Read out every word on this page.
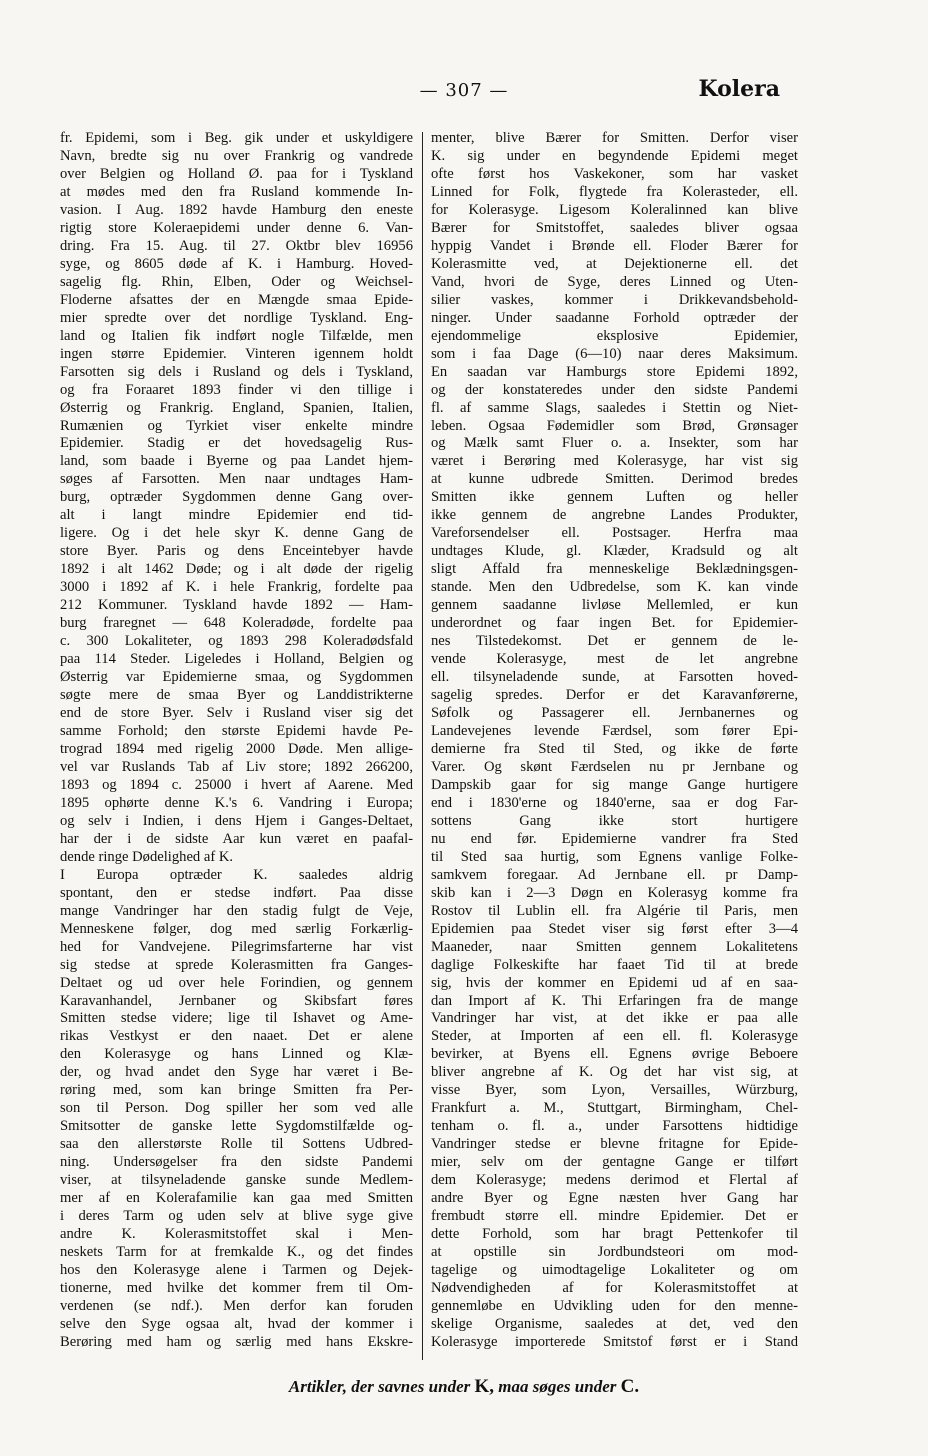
— 307 —	Kolera
fr. Epidemi, som i Beg. gik under et uskyldigere
Navn, bredte sig nu over Frankrig og vandrede
over Belgien og Holland Ø. paa for i Tyskland
at mødes med den fra Rusland kommende In-
vasion. I Aug. 1892 havde Hamburg den eneste
rigtig store Koleraepidemi under denne 6. Van-
dring. Fra 15. Aug. til 27. Oktbr blev 16956
syge, og 8605 døde af K. i Hamburg. Hoved-
sagelig flg. Rhin, Elben, Oder og Weichsel-
Floderne afsattes der en Mængde smaa Epide-
mier spredte over det nordlige Tyskland. Eng-
land og Italien fik indført nogle Tilfælde, men
ingen større Epidemier. Vinteren igennem holdt
Farsotten sig dels i Rusland og dels i Tyskland,
og fra Foraaret 1893 finder vi den tillige i
Østerrig og Frankrig. England, Spanien, Italien,
Rumænien og Tyrkiet viser enkelte mindre
Epidemier. Stadig er det hovedsagelig Rus-
land, som baade i Byerne og paa Landet hjem-
søges af Farsotten. Men naar undtages Ham-
burg, optræder Sygdommen denne Gang over-
alt i langt mindre Epidemier end tid-
ligere. Og i det hele skyr K. denne Gang de
store Byer. Paris og dens Enceintebyer havde
1892 i alt 1462 Døde; og i alt døde der rigelig
3000 i 1892 af K. i hele Frankrig, fordelte paa
212 Kommuner. Tyskland havde 1892 — Ham-
burg fraregnet — 648 Koleradøde, fordelte paa
c. 300 Lokaliteter, og 1893 298 Koleradødsfald
paa 114 Steder. Ligeledes i Holland, Belgien og
Østerrig var Epidemierne smaa, og Sygdommen
søgte mere de smaa Byer og Landdistrikterne
end de store Byer. Selv i Rusland viser sig det
samme Forhold; den største Epidemi havde Pe-
trograd 1894 med rigelig 2000 Døde. Men allige-
vel var Ruslands Tab af Liv store; 1892 266200,
1893 og 1894 c. 25000 i hvert af Aarene. Med
1895 ophørte denne K.'s 6. Vandring i Europa;
og selv i Indien, i dens Hjem i Ganges-Deltaet,
har der i de sidste Aar kun været en paafal-
dende ringe Dødelighed af K.
I Europa optræder K. saaledes aldrig
spontant, den er stedse indført. Paa disse
mange Vandringer har den stadig fulgt de Veje,
Menneskene følger, dog med særlig Forkærlig-
hed for Vandvejene. Pilegrimsfarterne har vist
sig stedse at sprede Kolerasmitten fra Ganges-
Deltaet og ud over hele Forindien, og gennem
Karavanhandel, Jernbaner og Skibsfart føres
Smitten stedse videre; lige til Ishavet og Ame-
rikas Vestkyst er den naaet. Det er alene
den Kolerasyge og hans Linned og Klæ-
der, og hvad andet den Syge har været i Be-
røring med, som kan bringe Smitten fra Per-
son til Person. Dog spiller her som ved alle
Smitsotter de ganske lette Sygdomstilfælde og-
saa den allerstørste Rolle til Sottens Udbred-
ning. Undersøgelser fra den sidste Pandemi
viser, at tilsyneladende ganske sunde Medlem-
mer af en Kolerafamilie kan gaa med Smitten
i deres Tarm og uden selv at blive syge give
andre K. Kolerasmitstoffet skal i Men-
neskets Tarm for at fremkalde K., og det findes
hos den Kolerasyge alene i Tarmen og Dejek-
tionerne, med hvilke det kommer frem til Om-
verdenen (se ndf.). Men derfor kan foruden
selve den Syge ogsaa alt, hvad der kommer i
Berøring med ham og særlig med hans Ekskre-
menter, blive Bærer for Smitten. Derfor viser
K. sig under en begyndende Epidemi meget
ofte først hos Vaskekoner, som har vasket
Linned for Folk, flygtede fra Kolerasteder, ell.
for Kolerasyge. Ligesom Koleralinned kan blive
Bærer for Smitstoffet, saaledes bliver ogsaa
hyppig Vandet i Brønde ell. Floder Bærer for
Kolerasmitte ved, at Dejektionerne ell. det
Vand, hvori de Syge, deres Linned og Uten-
silier vaskes, kommer i Drikkevandsbehold-
ninger. Under saadanne Forhold optræder der
ejendommelige eksplosive Epidemier,
som i faa Dage (6—10) naar deres Maksimum.
En saadan var Hamburgs store Epidemi 1892,
og der konstateredes under den sidste Pandemi
fl. af samme Slags, saaledes i Stettin og Niet-
leben. Ogsaa Fødemidler som Brød, Grønsager
og Mælk samt Fluer o. a. Insekter, som har
været i Berøring med Kolerasyge, har vist sig
at kunne udbrede Smitten. Derimod bredes
Smitten ikke gennem Luften og heller
ikke gennem de angrebne Landes Produkter,
Vareforsendelser ell. Postsager. Herfra maa
undtages Klude, gl. Klæder, Kradsuld og alt
sligt Affald fra menneskelige Beklædningsgen-
stande. Men den Udbredelse, som K. kan vinde
gennem saadanne livløse Mellemled, er kun
underordnet og faar ingen Bet. for Epidemier-
nes Tilstedekomst. Det er gennem de le-
vende Kolerasyge, mest de let angrebne
ell. tilsyneladende sunde, at Farsotten hoved-
sagelig spredes. Derfor er det Karavanførerne,
Søfolk og Passagerer ell. Jernbanernes og
Landevejenes levende Færdsel, som fører Epi-
demierne fra Sted til Sted, og ikke de førte
Varer. Og skønt Færdselen nu pr Jernbane og
Dampskib gaar for sig mange Gange hurtigere
end i 1830'erne og 1840'erne, saa er dog Far-
sottens Gang ikke stort hurtigere
nu end før. Epidemierne vandrer fra Sted
til Sted saa hurtig, som Egnens vanlige Folke-
samkvem foregaar. Ad Jernbane ell. pr Damp-
skib kan i 2—3 Døgn en Kolerasyg komme fra
Rostov til Lublin ell. fra Algérie til Paris, men
Epidemien paa Stedet viser sig først efter 3—4
Maaneder, naar Smitten gennem Lokalitetens
daglige Folkeskifte har faaet Tid til at brede
sig, hvis der kommer en Epidemi ud af en saa-
dan Import af K. Thi Erfaringen fra de mange
Vandringer har vist, at det ikke er paa alle
Steder, at Importen af een ell. fl. Kolerasyge
bevirker, at Byens ell. Egnens øvrige Beboere
bliver angrebne af K. Og det har vist sig, at
visse Byer, som Lyon, Versailles, Würzburg,
Frankfurt a. M., Stuttgart, Birmingham, Chel-
tenham o. fl. a., under Farsottens hidtidige
Vandringer stedse er blevne fritagne for Epide-
mier, selv om der gentagne Gange er tilført
dem Kolerasyge; medens derimod et Flertal af
andre Byer og Egne næsten hver Gang har
frembudt større ell. mindre Epidemier. Det er
dette Forhold, som har bragt Pettenkofer til
at opstille sin Jordbundsteori om mod-
tagelige og uimodtagelige Lokaliteter og om
Nødvendigheden af for Kolerasmitstoffet at
gennemløbe en Udvikling uden for den menne-
skelige Organisme, saaledes at det, ved den
Kolerasyge importerede Smitstof først er i Stand
Artikler, der savnes under K, maa søges under C.
